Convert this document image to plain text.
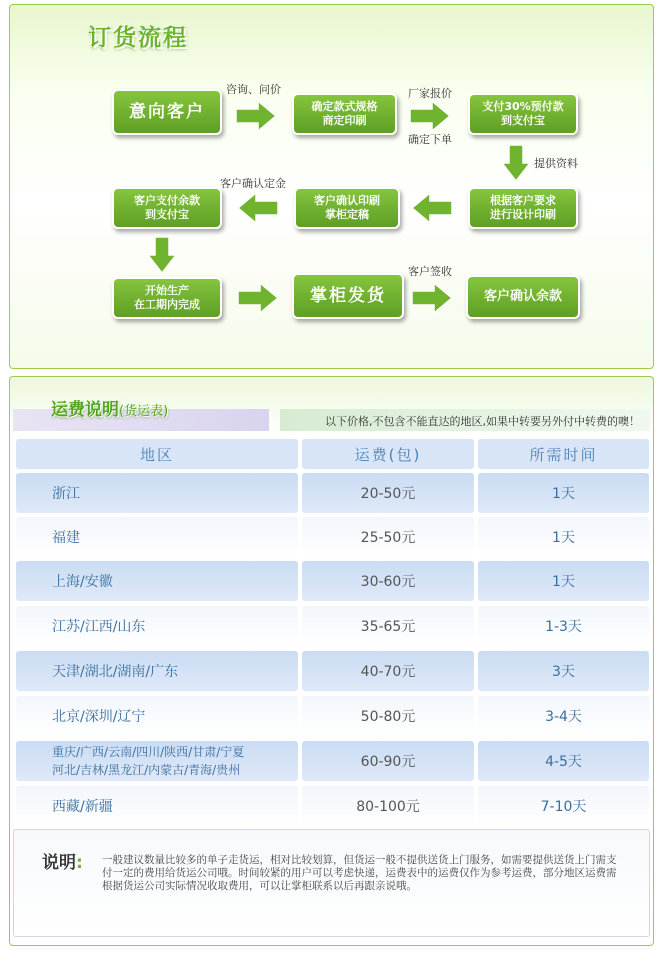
订货流程
意向客户
咨询、问价
确定款式规格
商定印刷
厂家报价
确定下单
支付30%预付款
到支付宝
提供资料
根据客户要求
进行设计印刷
客户确认印刷
掌柜定稿
客户确认定金
客户支付余款
到支付宝
开始生产
在工期内完成	掌柜发货
客户签收
客户确认余款
运费说明(货运表)
以下价格,不包含不能直达的地区,如果中转要另外付中转费的噢！
地区	运费(包)	所需时间
浙江	20-50元	1天
福建	25-50元	1天
上海/安徽	30-60元	1天
江苏/江西/山东	35-65元	1-3天
天津/湖北/湖南/广东	40-70元	3天
北京/深圳/辽宁	50-80元	3-4天
重庆/广西/云南/四川/陕西/甘肃/宁夏
河北/吉林/黑龙江/内蒙古/青海/贵州	60-90元	4-5天
西藏/新疆	80-100元	7-10天
说明: 一般建议数量比较多的单子走货运，相对比较划算，但货运一般不提供送货上门服务，如需要提供送货上门需支付一定的费用给货运公司哦。时间较紧的用户可以考虑快递，运费表中的运费仅作为参考运费，部分地区运费需根据货运公司实际情况收取费用，可以让掌柜联系以后再跟亲说哦。
